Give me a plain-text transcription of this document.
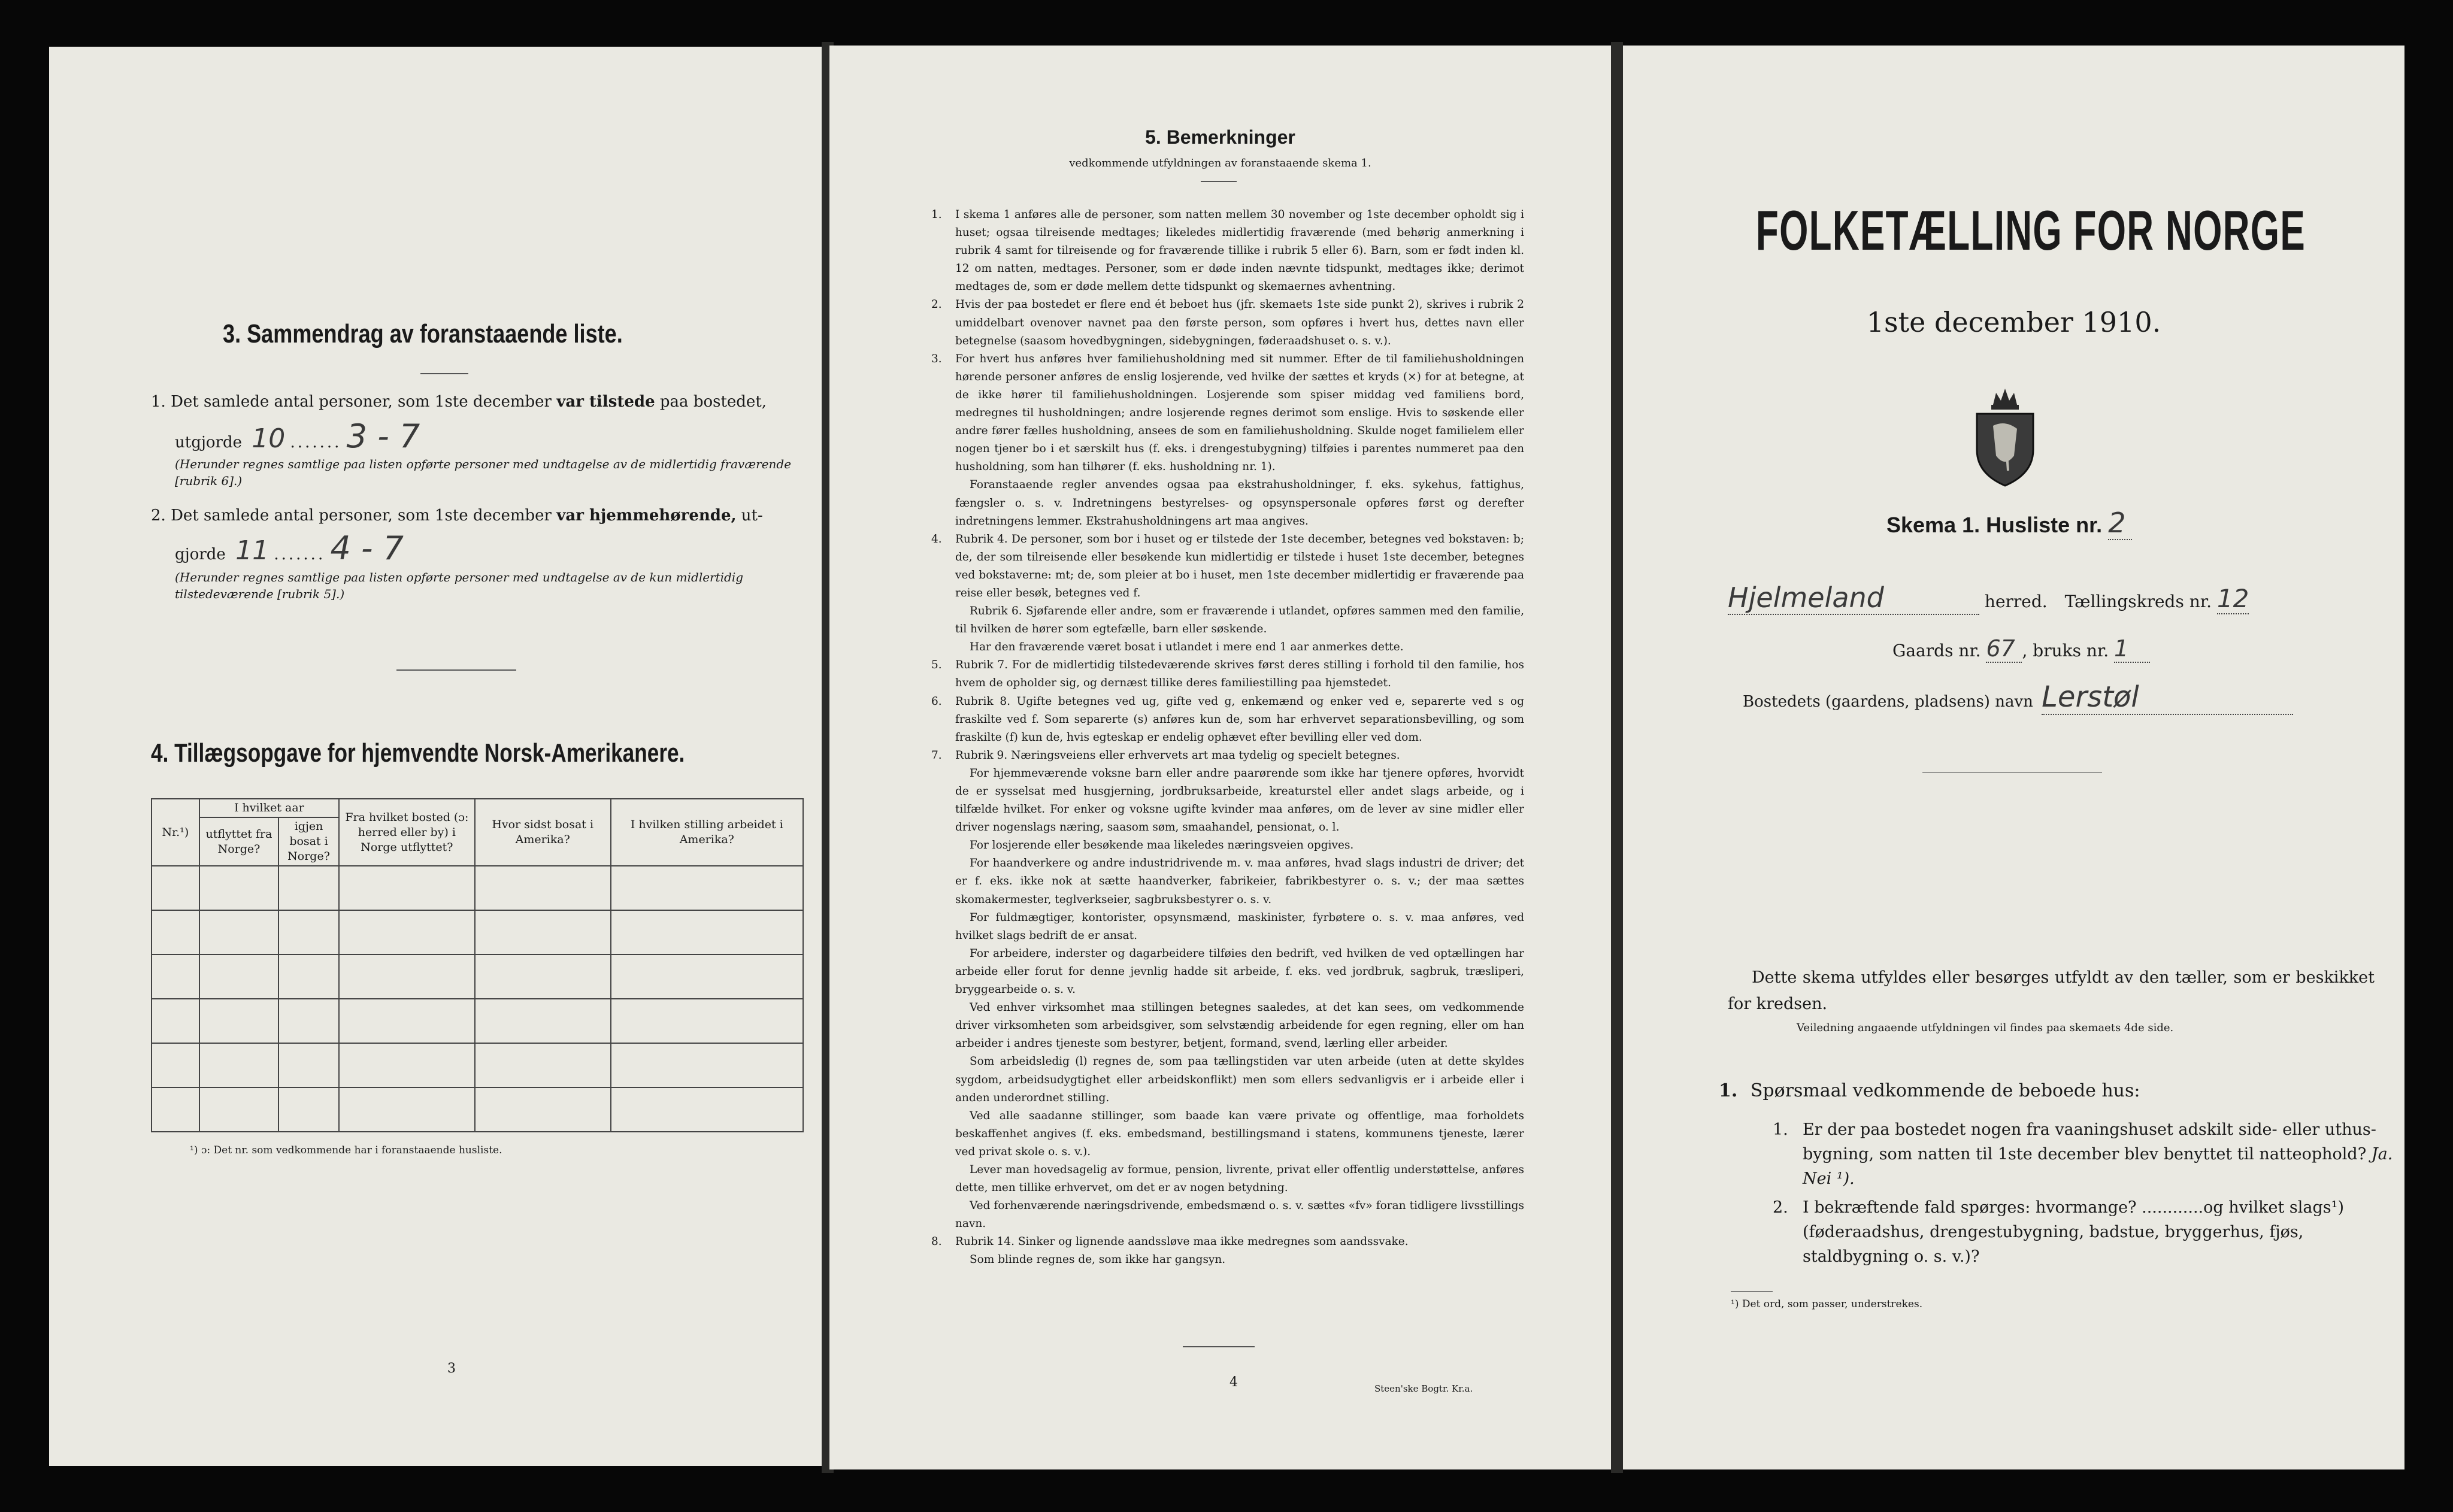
3. Sammendrag av foranstaaende liste.
1. Det samlede antal personer, som 1ste december var tilstede paa bostedet,
utgjorde 10 ....... 3 - 7
(Herunder regnes samtlige paa listen opførte personer med undtagelse av de midlertidig fraværende [rubrik 6].)
2. Det samlede antal personer, som 1ste december var hjemmehørende, ut-
gjorde 11 ....... 4 - 7
(Herunder regnes samtlige paa listen opførte personer med undtagelse av de kun midlertidig tilstedeværende [rubrik 5].)
4. Tillægsopgave for hjemvendte Norsk-Amerikanere.
Nr.¹)	I hvilket aar		Fra hvilket bosted (ɔ: herred eller by) i Norge utflyttet?	Hvor sidst bosat i Amerika?	I hvilken stilling arbeidet i Amerika?
	utflyttet fra Norge?	igjen bosat i Norge?			

¹) ɔ: Det nr. som vedkommende har i foranstaaende husliste.
3
5. Bemerkninger
vedkommende utfyldningen av foranstaaende skema 1.
1. I skema 1 anføres alle de personer, som natten mellem 30 november og 1ste december opholdt sig i huset; ogsaa tilreisende medtages; likeledes midlertidig fraværende (med behørig anmerkning i rubrik 4 samt for tilreisende og for fraværende tillike i rubrik 5 eller 6). Barn, som er født inden kl. 12 om natten, medtages. Personer, som er døde inden nævnte tidspunkt, medtages ikke; derimot medtages de, som er døde mellem dette tidspunkt og skemaernes avhentning.
2. Hvis der paa bostedet er flere end ét beboet hus (jfr. skemaets 1ste side punkt 2), skrives i rubrik 2 umiddelbart ovenover navnet paa den første person, som opføres i hvert hus, dettes navn eller betegnelse (saasom hovedbygningen, sidebygningen, føderaadshuset o. s. v.).
3. For hvert hus anføres hver familiehusholdning med sit nummer. Efter de til familiehusholdningen hørende personer anføres de enslig losjerende, ved hvilke der sættes et kryds (×) for at betegne, at de ikke hører til familiehusholdningen. Losjerende som spiser middag ved familiens bord, medregnes til husholdningen; andre losjerende regnes derimot som enslige. Hvis to søskende eller andre fører fælles husholdning, ansees de som en familiehusholdning. Skulde noget familielem eller nogen tjener bo i et særskilt hus (f. eks. i drengestubygning) tilføies i parentes nummeret paa den husholdning, som han tilhører (f. eks. husholdning nr. 1).
Foranstaaende regler anvendes ogsaa paa ekstrahusholdninger, f. eks. sykehus, fattighus, fængsler o. s. v. Indretningens bestyrelses- og opsynspersonale opføres først og derefter indretningens lemmer. Ekstrahusholdningens art maa angives.
4. Rubrik 4. De personer, som bor i huset og er tilstede der 1ste december, betegnes ved bokstaven: b; de, der som tilreisende eller besøkende kun midlertidig er tilstede i huset 1ste december, betegnes ved bokstaverne: mt; de, som pleier at bo i huset, men 1ste december midlertidig er fraværende paa reise eller besøk, betegnes ved f.
Rubrik 6. Sjøfarende eller andre, som er fraværende i utlandet, opføres sammen med den familie, til hvilken de hører som egtefælle, barn eller søskende.
Har den fraværende været bosat i utlandet i mere end 1 aar anmerkes dette.
5. Rubrik 7. For de midlertidig tilstedeværende skrives først deres stilling i forhold til den familie, hos hvem de opholder sig, og dernæst tillike deres familiestilling paa hjemstedet.
6. Rubrik 8. Ugifte betegnes ved ug, gifte ved g, enkemænd og enker ved e, separerte ved s og fraskilte ved f. Som separerte (s) anføres kun de, som har erhvervet separationsbevilling, og som fraskilte (f) kun de, hvis egteskap er endelig ophævet efter bevilling eller ved dom.
7. Rubrik 9. Næringsveiens eller erhvervets art maa tydelig og specielt betegnes.
For hjemmeværende voksne barn eller andre paarørende som ikke har tjenere opføres, hvorvidt de er sysselsat med husgjerning, jordbruksarbeide, kreaturstel eller andet slags arbeide, og i tilfælde hvilket. For enker og voksne ugifte kvinder maa anføres, om de lever av sine midler eller driver nogenslags næring, saasom søm, smaahandel, pensionat, o. l.
For losjerende eller besøkende maa likeledes næringsveien opgives.
For haandverkere og andre industridrivende m. v. maa anføres, hvad slags industri de driver; det er f. eks. ikke nok at sætte haandverker, fabrikeier, fabrikbestyrer o. s. v.; der maa sættes skomakermester, teglverkseier, sagbruksbestyrer o. s. v.
For fuldmægtiger, kontorister, opsynsmænd, maskinister, fyrbøtere o. s. v. maa anføres, ved hvilket slags bedrift de er ansat.
For arbeidere, inderster og dagarbeidere tilføies den bedrift, ved hvilken de ved optællingen har arbeide eller forut for denne jevnlig hadde sit arbeide, f. eks. ved jordbruk, sagbruk, træsliperi, bryggearbeide o. s. v.
Ved enhver virksomhet maa stillingen betegnes saaledes, at det kan sees, om vedkommende driver virksomheten som arbeidsgiver, som selvstændig arbeidende for egen regning, eller om han arbeider i andres tjeneste som bestyrer, betjent, formand, svend, lærling eller arbeider.
Som arbeidsledig (l) regnes de, som paa tællingstiden var uten arbeide (uten at dette skyldes sygdom, arbeidsudygtighet eller arbeidskonflikt) men som ellers sedvanligvis er i arbeide eller i anden underordnet stilling.
Ved alle saadanne stillinger, som baade kan være private og offentlige, maa forholdets beskaffenhet angives (f. eks. embedsmand, bestillingsmand i statens, kommunens tjeneste, lærer ved privat skole o. s. v.).
Lever man hovedsagelig av formue, pension, livrente, privat eller offentlig understøttelse, anføres dette, men tillike erhvervet, om det er av nogen betydning.
Ved forhenværende næringsdrivende, embedsmænd o. s. v. sættes «fv» foran tidligere livsstillings navn.
8. Rubrik 14. Sinker og lignende aandssløve maa ikke medregnes som aandssvake.
Som blinde regnes de, som ikke har gangsyn.
4	Steen'ske Bogtr. Kr.a.
FOLKETÆLLING FOR NORGE
1ste december 1910.
Skema 1. Husliste nr. 2
Hjelmeland	herred. Tællingskreds nr. 12
Gaards nr. 67 , bruks nr. 1
Bostedets (gaardens, pladsens) navn Lerstøl
Dette skema utfyldes eller besørges utfyldt av den tæller, som er beskikket for kredsen.
Veiledning angaaende utfyldningen vil findes paa skemaets 4de side.
1. Spørsmaal vedkommende de beboede hus:
1. Er der paa bostedet nogen fra vaaningshuset adskilt side- eller uthus-bygning, som natten til 1ste december blev benyttet til natteophold? Ja. Nei ¹).
2. I bekræftende fald spørges: hvormange? ............og hvilket slags¹) (føderaadshus, drengestubygning, badstue, bryggerhus, fjøs, staldbygning o. s. v.)?
¹) Det ord, som passer, understrekes.
